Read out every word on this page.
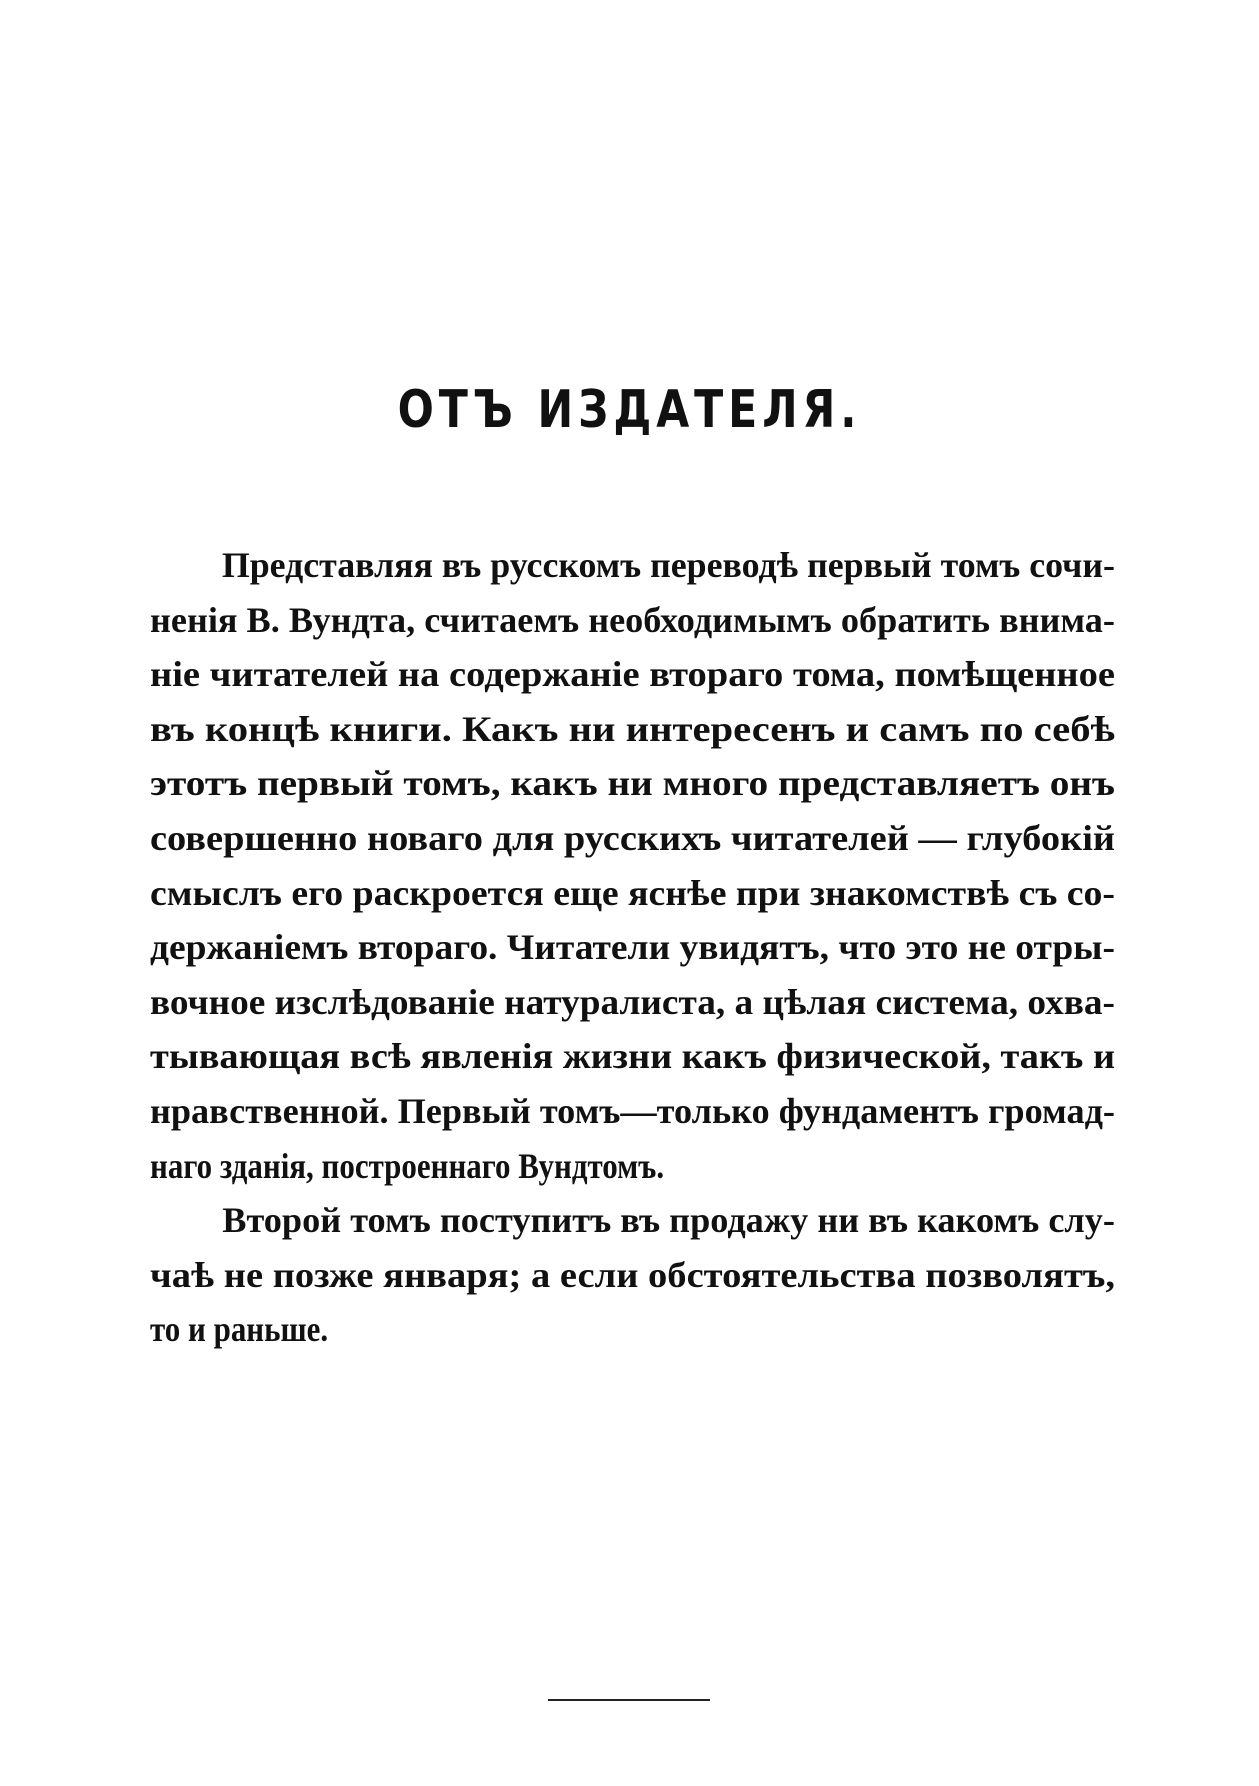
ОТЪ ИЗДАТЕЛЯ.
Представляя въ русскомъ переводѣ первый томъ сочи-
ненія В. Вундта, считаемъ необходимымъ обратить внима-
ніе читателей на содержаніе втораго тома, помѣщенное
въ концѣ книги. Какъ ни интересенъ и самъ по себѣ
этотъ первый томъ, какъ ни много представляетъ онъ
совершенно новаго для русскихъ читателей — глубокій
смыслъ его раскроется еще яснѣе при знакомствѣ съ со-
держаніемъ втораго. Читатели увидятъ, что это не отры-
вочное изслѣдованіе натуралиста, а цѣлая система, охва-
тывающая всѣ явленія жизни какъ физической, такъ и
нравственной. Первый томъ—только фундаментъ громад-
наго зданія, построеннаго Вундтомъ.
Второй томъ поступитъ въ продажу ни въ какомъ слу-
чаѣ не позже января; а если обстоятельства позволятъ,
то и раньше.
